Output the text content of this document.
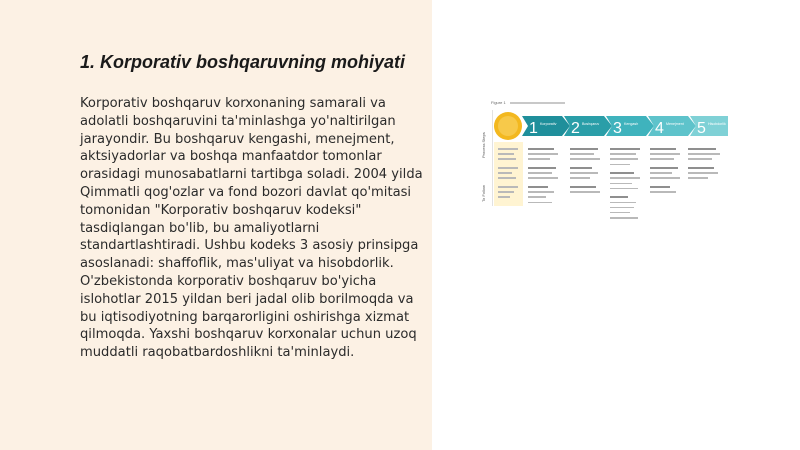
1. Korporativ boshqaruvning mohiyati

Korporativ boshqaruv korxonaning samarali va adolatli boshqaruvini ta'minlashga yo'naltirilgan jarayondir. Bu boshqaruv kengashi, menejment, aktsiyadorlar va boshqa manfaatdor tomonlar orasidagi munosabatlarni tartibga soladi. 2004 yilda Qimmatli qog'ozlar va fond bozori davlat qo'mitasi tomonidan "Korporativ boshqaruv kodeksi" tasdiqlangan bo'lib, bu amaliyotlarni standartlashtiradi. Ushbu kodeks 3 asosiy prinsipga asoslanadi: shaffoflik, mas'uliyat va hisobdorlik. O'zbekistonda korporativ boshqaruv bo'yicha islohotlar 2015 yildan beri jadal olib borilmoqda va bu iqtisodiyotning barqarorligini oshirishga xizmat qilmoqda. Yaxshi boshqaruv korxonalar uchun uzoq muddatli raqobatbardoshlikni ta'minlaydi.

Figure 1
Process Steps
To Follow
1 Korporativ 2 Boshqaruv 3 Kengash 4 Menejment 5 Hisobdorlik
